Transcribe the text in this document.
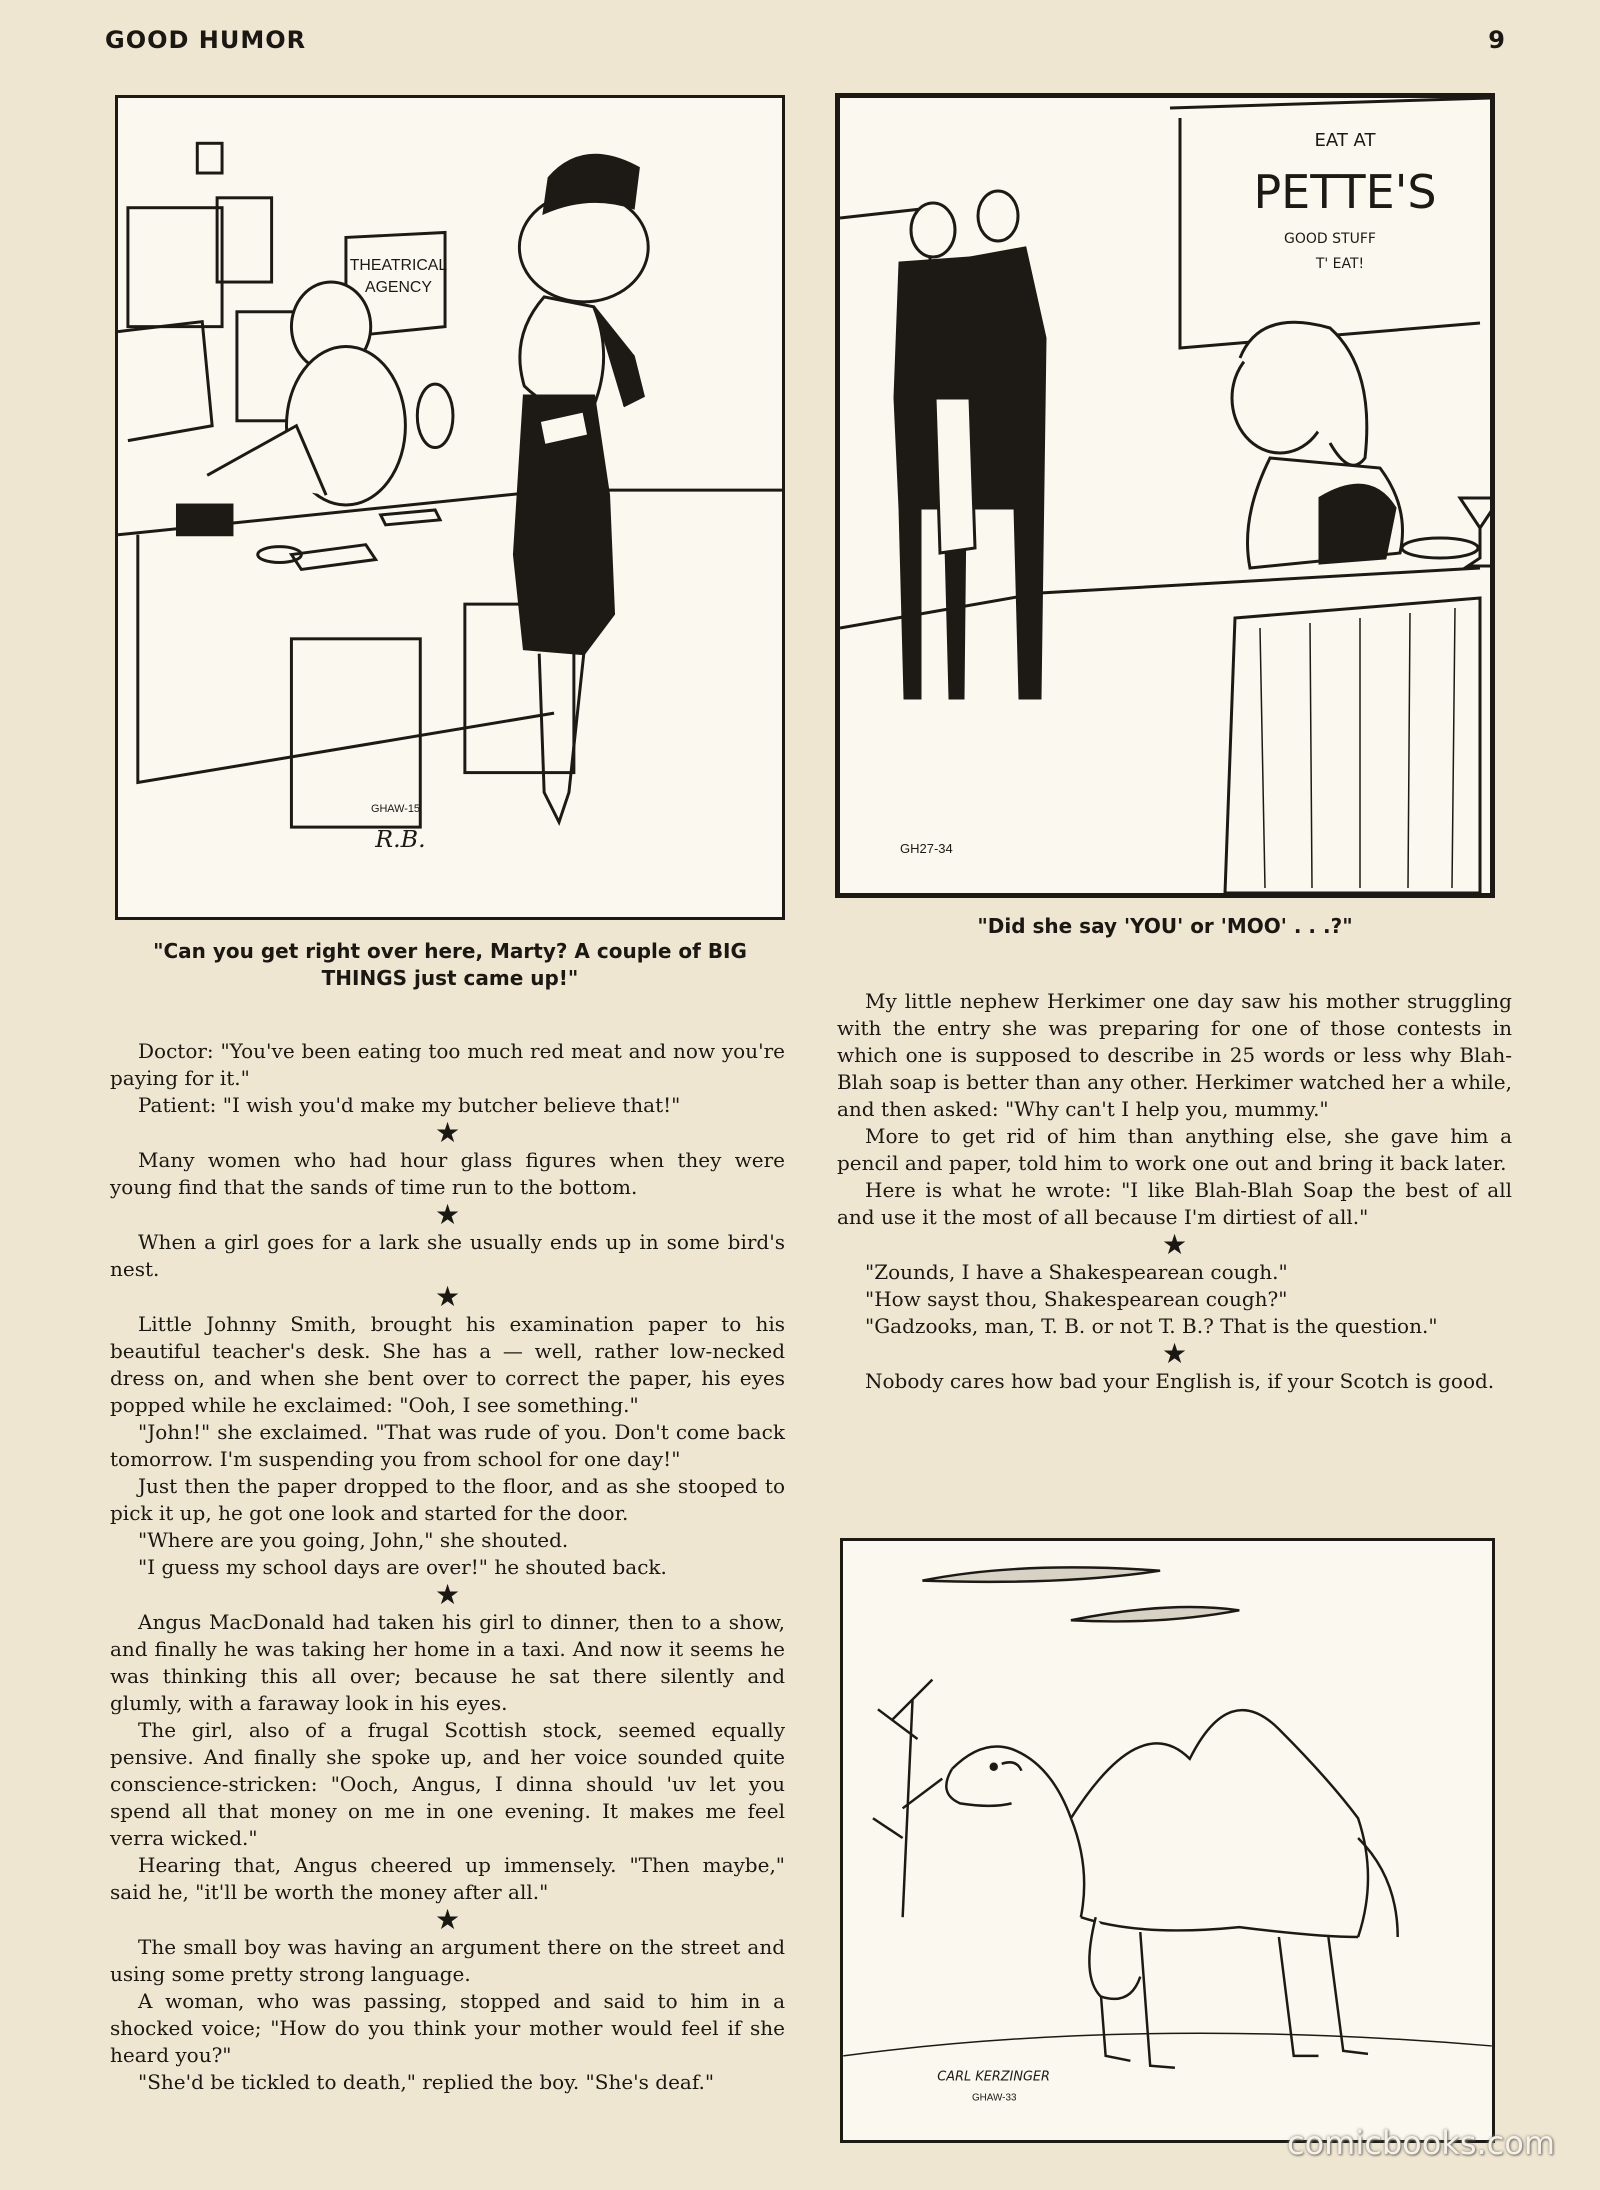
GOOD HUMOR	9
THEATRICAL
AGENCY
GHAW-15
R.B.
"Can you get right over here, Marty? A couple of BIG
THINGS just came up!"
EAT AT
PETTE'S
GOOD STUFF
T' EAT!
GH27-34
"Did she say 'YOU' or 'MOO' . . .?"

Doctor: "You've been eating too much red meat and now you're paying for it."

Patient: "I wish you'd make my butcher believe that!"

★

Many women who had hour glass figures when they were young find that the sands of time run to the bottom.

★

When a girl goes for a lark she usually ends up in some bird's nest.

★

Little Johnny Smith, brought his examination paper to his beautiful teacher's desk. She has a — well, rather low-necked dress on, and when she bent over to correct the paper, his eyes popped while he exclaimed: "Ooh, I see something."

"John!" she exclaimed. "That was rude of you. Don't come back tomorrow. I'm suspending you from school for one day!"

Just then the paper dropped to the floor, and as she stooped to pick it up, he got one look and started for the door.

"Where are you going, John," she shouted.

"I guess my school days are over!" he shouted back.

★

Angus MacDonald had taken his girl to dinner, then to a show, and finally he was taking her home in a taxi. And now it seems he was thinking this all over; because he sat there silently and glumly, with a faraway look in his eyes.

The girl, also of a frugal Scottish stock, seemed equally pensive. And finally she spoke up, and her voice sounded quite conscience-stricken: "Ooch, Angus, I dinna should 'uv let you spend all that money on me in one evening. It makes me feel verra wicked."

Hearing that, Angus cheered up immensely. "Then maybe," said he, "it'll be worth the money after all."

★

The small boy was having an argument there on the street and using some pretty strong language.

A woman, who was passing, stopped and said to him in a shocked voice; "How do you think your mother would feel if she heard you?"

"She'd be tickled to death," replied the boy. "She's deaf."

My little nephew Herkimer one day saw his mother struggling with the entry she was preparing for one of those contests in which one is supposed to describe in 25 words or less why Blah-Blah soap is better than any other. Herkimer watched her a while, and then asked: "Why can't I help you, mummy."

More to get rid of him than anything else, she gave him a pencil and paper, told him to work one out and bring it back later.

Here is what he wrote: "I like Blah-Blah Soap the best of all and use it the most of all because I'm dirtiest of all."

★

"Zounds, I have a Shakespearean cough."

"How sayst thou, Shakespearean cough?"

"Gadzooks, man, T. B. or not T. B.? That is the question."

★

Nobody cares how bad your English is, if your Scotch is good.

CARL KERZINGER
GHAW-33
comicbooks.com
